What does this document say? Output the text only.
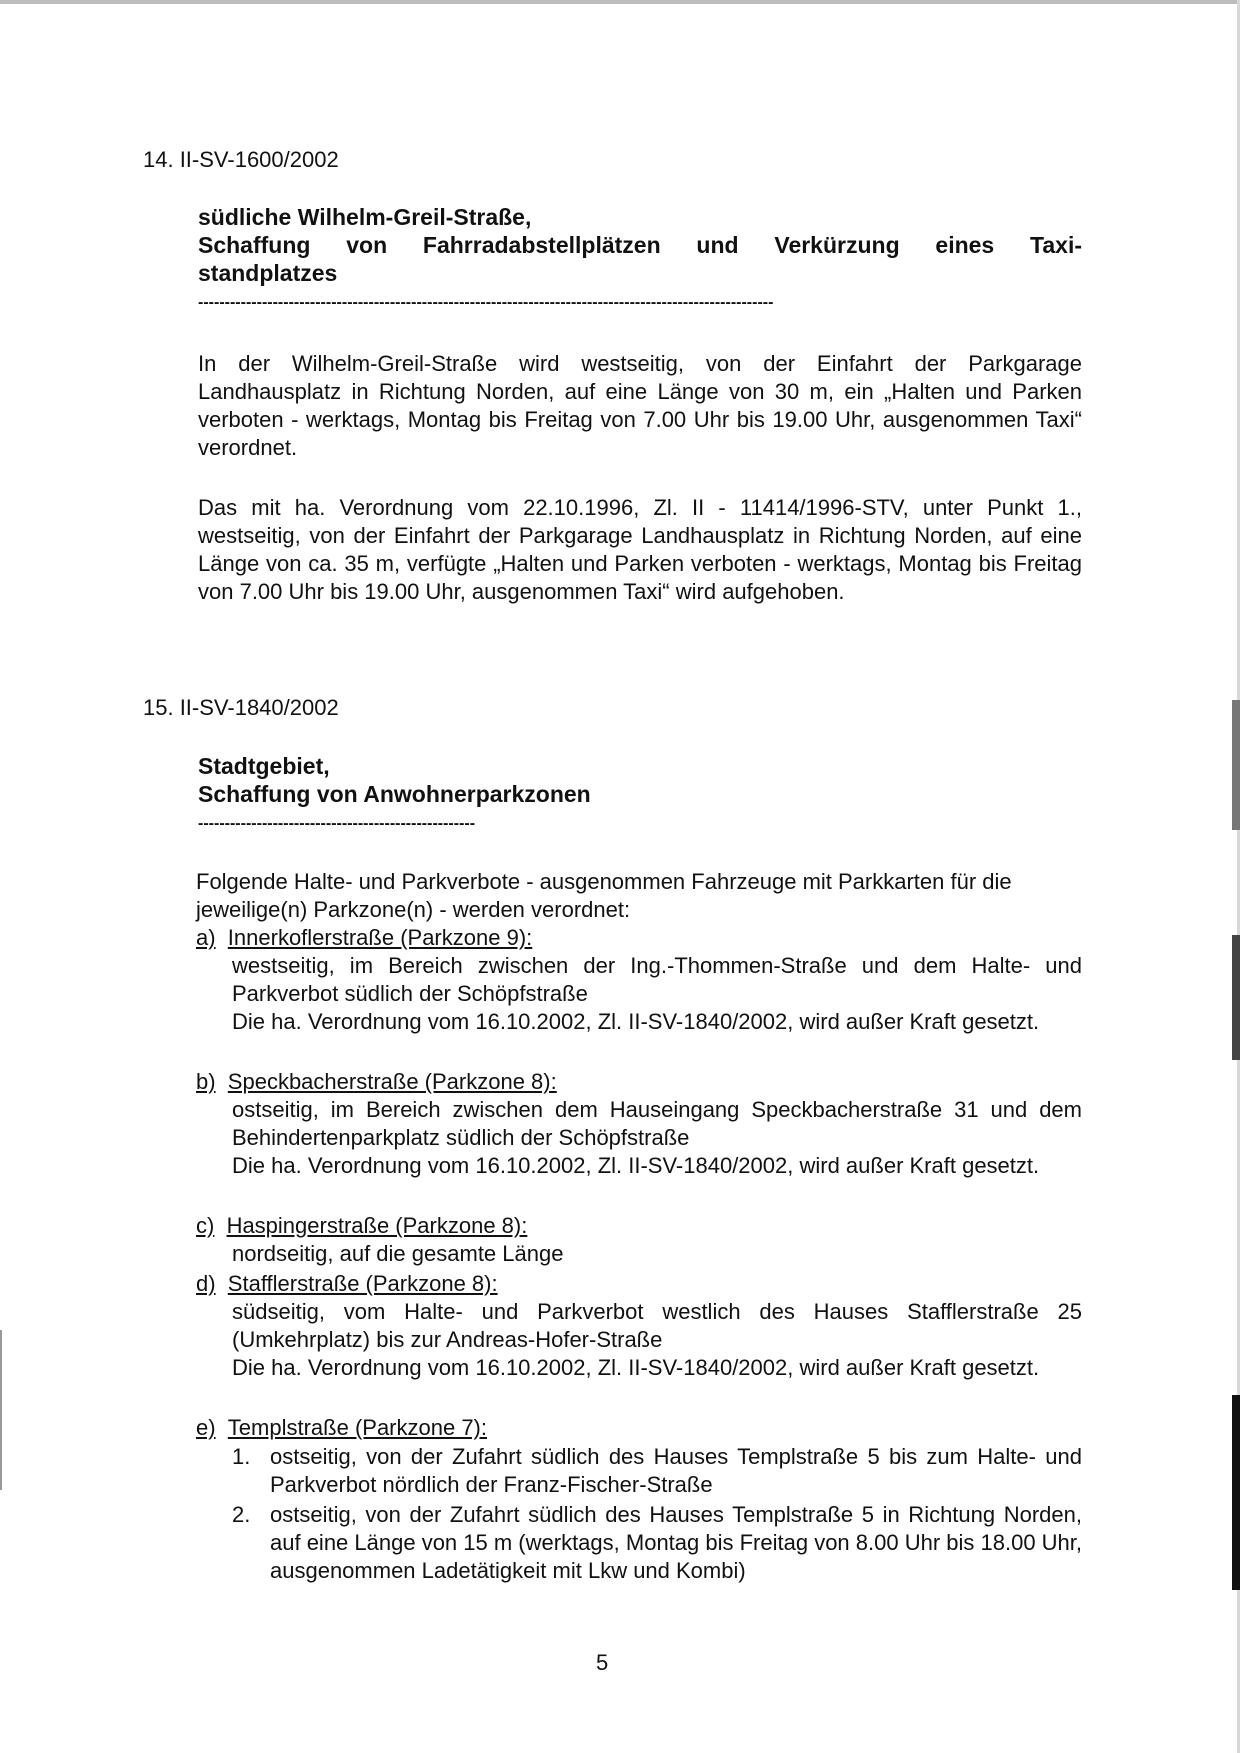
14. II-SV-1600/2002
südliche Wilhelm-Greil-Straße,
Schaffung von Fahrradabstellplätzen und Verkürzung eines Taxi-
standplatzes
------------------------------------------------------------------------------------------------------------
In der Wilhelm-Greil-Straße wird westseitig, von der Einfahrt der Parkgarage Landhausplatz in Richtung Norden, auf eine Länge von 30 m, ein „Halten und Parken verboten - werktags, Montag bis Freitag von 7.00 Uhr bis 19.00 Uhr, ausgenommen Taxi“ verordnet.
Das mit ha. Verordnung vom 22.10.1996, Zl. II - 11414/1996-STV, unter Punkt 1., westseitig, von der Einfahrt der Parkgarage Landhausplatz in Richtung Norden, auf eine Länge von ca. 35 m, verfügte „Halten und Parken verboten - werktags, Montag bis Freitag von 7.00 Uhr bis 19.00 Uhr, ausgenommen Taxi“ wird aufgehoben.
15. II-SV-1840/2002
Stadtgebiet,
Schaffung von Anwohnerparkzonen
----------------------------------------------------
Folgende Halte- und Parkverbote - ausgenommen Fahrzeuge mit Parkkarten für die jeweilige(n) Parkzone(n) - werden verordnet:
a) Innerkoflerstraße (Parkzone 9):
westseitig, im Bereich zwischen der Ing.-Thommen-Straße und dem Halte- und Parkverbot südlich der Schöpfstraße
Die ha. Verordnung vom 16.10.2002, Zl. II-SV-1840/2002, wird außer Kraft gesetzt.
b) Speckbacherstraße (Parkzone 8):
ostseitig, im Bereich zwischen dem Hauseingang Speckbacherstraße 31 und dem Behindertenparkplatz südlich der Schöpfstraße
Die ha. Verordnung vom 16.10.2002, Zl. II-SV-1840/2002, wird außer Kraft gesetzt.
c) Haspingerstraße (Parkzone 8):
nordseitig, auf die gesamte Länge
d) Stafflerstraße (Parkzone 8):
südseitig, vom Halte- und Parkverbot westlich des Hauses Stafflerstraße 25 (Umkehrplatz) bis zur Andreas-Hofer-Straße
Die ha. Verordnung vom 16.10.2002, Zl. II-SV-1840/2002, wird außer Kraft gesetzt.
e) Templstraße (Parkzone 7):
1. ostseitig, von der Zufahrt südlich des Hauses Templstraße 5 bis zum Halte- und Parkverbot nördlich der Franz-Fischer-Straße
2. ostseitig, von der Zufahrt südlich des Hauses Templstraße 5 in Richtung Norden, auf eine Länge von 15 m (werktags, Montag bis Freitag von 8.00 Uhr bis 18.00 Uhr, ausgenommen Ladetätigkeit mit Lkw und Kombi)
5
